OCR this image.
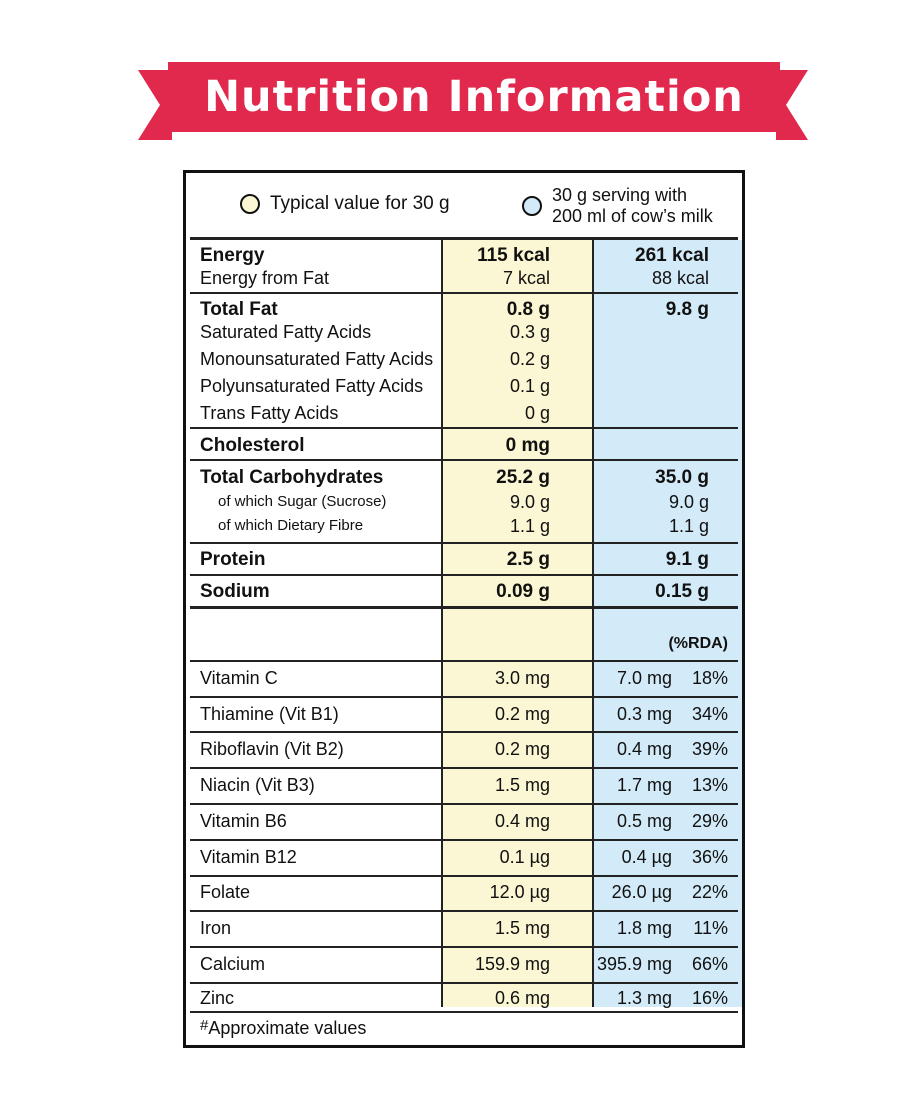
Nutrition Information
Typical value for 30 g	30 g serving with
200 ml of cow’s milk
Energy	115 kcal	261 kcal
Energy from Fat	7 kcal	88 kcal
Total Fat	0.8 g	9.8 g
Saturated Fatty Acids	0.3 g
Monounsaturated Fatty Acids	0.2 g
Polyunsaturated Fatty Acids	0.1 g
Trans Fatty Acids	0 g
Cholesterol	0 mg
Total Carbohydrates	25.2 g	35.0 g
of which Sugar (Sucrose)	9.0 g	9.0 g
of which Dietary Fibre	1.1 g	1.1 g
Protein	2.5 g	9.1 g
Sodium	0.09 g	0.15 g
(%RDA)
Vitamin C	3.0 mg	7.0 mg 18%
Thiamine (Vit B1)	0.2 mg	0.3 mg 34%
Riboflavin (Vit B2)	0.2 mg	0.4 mg 39%
Niacin (Vit B3)	1.5 mg	1.7 mg 13%
Vitamin B6	0.4 mg	0.5 mg 29%
Vitamin B12	0.1 µg	0.4 µg 36%
Folate	12.0 µg	26.0 µg 22%
Iron	1.5 mg	1.8 mg 11%
Calcium	159.9 mg	395.9 mg 66%
Zinc	0.6 mg	1.3 mg 16%
#Approximate values
